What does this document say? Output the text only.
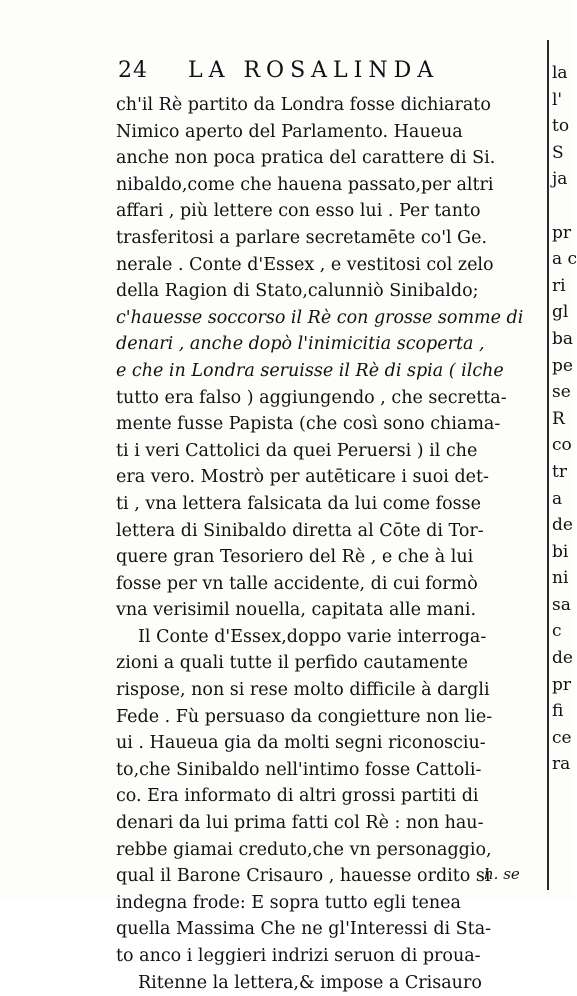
24 LA ROSALINDA
ch'il Rè partito da Londra fosse dichiarato
Nimico aperto del Parlamento. Haueua
anche non poca pratica del carattere di Si.
nibaldo,come che hauena passato,per altri
affari , più lettere con esso lui . Per tanto
trasferitosi a parlare secretamēte co'l Ge.
nerale . Conte d'Essex , e vestitosi col zelo
della Ragion di Stato,calunniò Sinibaldo;
c'hauesse soccorso il Rè con grosse somme di
denari , anche dopò l'inimicitia scoperta ,
e che in Londra seruisse il Rè di spia ( ilche
tutto era falso ) aggiungendo , che secretta-
mente fusse Papista (che così sono chiama-
ti i veri Cattolici da quei Peruersi ) il che
era vero. Mostrò per autēticare i suoi det-
ti , vna lettera falsicata da lui come fosse
lettera di Sinibaldo diretta al Cōte di Tor-
quere gran Tesoriero del Rè , e che à lui
fosse per vn talle accidente, di cui formò
vna verisimil nouella, capitata alle mani.
Il Conte d'Essex,doppo varie interroga-
zioni a quali tutte il perfido cautamente
rispose, non si rese molto difficile à dargli
Fede . Fù persuaso da congietture non lie-
ui . Haueua gia da molti segni riconosciu-
to,che Sinibaldo nell'intimo fosse Cattoli-
co. Era informato di altri grossi partiti di
denari da lui prima fatti col Rè : non hau-
rebbe giamai creduto,che vn personaggio,
qual il Barone Crisauro , hauesse ordito si
indegna frode: E sopra tutto egli tenea
quella Massima Che ne gl'Interessi di Sta-
to anco i leggieri indrizi seruon di proua-
Ritenne la lettera,& impose a Crisauro
h. se
la
l'
to
S
ja
pr
a c
ri
gl
ba
pe
se
R
co
tr
a
de
bi
ni
sa
c
de
pr
fi
ce
ra
